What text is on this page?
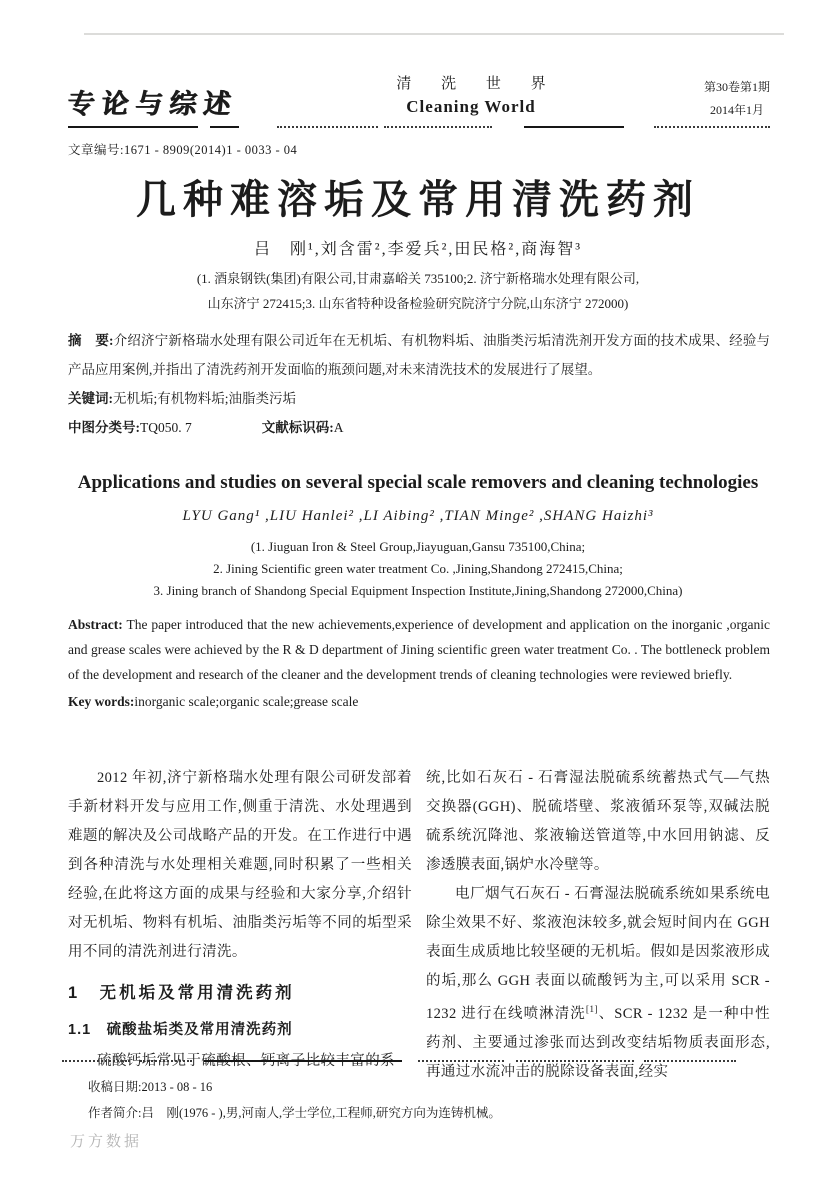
专论与综述
清 洗 世 界
Cleaning World
第30卷第1期
2014年1月
文章编号:1671 - 8909(2014)1 - 0033 - 04
几种难溶垢及常用清洗药剂
吕　刚¹,刘含雷²,李爱兵²,田民格²,商海智³
(1. 酒泉钢铁(集团)有限公司,甘肃嘉峪关 735100;2. 济宁新格瑞水处理有限公司,
山东济宁 272415;3. 山东省特种设备检验研究院济宁分院,山东济宁 272000)
摘　要:介绍济宁新格瑞水处理有限公司近年在无机垢、有机物料垢、油脂类污垢清洗剂开发方面的技术成果、经验与产品应用案例,并指出了清洗药剂开发面临的瓶颈问题,对未来清洗技术的发展进行了展望。
关键词:无机垢;有机物料垢;油脂类污垢
中图分类号:TQ050. 7	文献标识码:A
Applications and studies on several special scale removers and cleaning technologies
LYU Gang¹ ,LIU Hanlei² ,LI Aibing² ,TIAN Minge² ,SHANG Haizhi³
(1. Jiuguan Iron & Steel Group,Jiayuguan,Gansu 735100,China;
2. Jining Scientific green water treatment Co. ,Jining,Shandong 272415,China;
3. Jining branch of Shandong Special Equipment Inspection Institute,Jining,Shandong 272000,China)
Abstract: The paper introduced that the new achievements,experience of development and application on the inorganic ,organic and grease scales were achieved by the R & D department of Jining scientific green water treatment Co. . The bottleneck problem of the development and research of the cleaner and the development trends of cleaning technologies were reviewed briefly.
Key words:inorganic scale;organic scale;grease scale
2012 年初,济宁新格瑞水处理有限公司研发部着手新材料开发与应用工作,侧重于清洗、水处理遇到难题的解决及公司战略产品的开发。在工作进行中遇到各种清洗与水处理相关难题,同时积累了一些相关经验,在此将这方面的成果与经验和大家分享,介绍针对无机垢、物料有机垢、油脂类污垢等不同的垢型采用不同的清洗剂进行清洗。
1　无机垢及常用清洗药剂
1.1　硫酸盐垢类及常用清洗药剂
硫酸钙垢常见于硫酸根、钙离子比较丰富的系
统,比如石灰石 - 石膏湿法脱硫系统蓄热式气—气热交换器(GGH)、脱硫塔壁、浆液循环泵等,双碱法脱硫系统沉降池、浆液输送管道等,中水回用钠滤、反渗透膜表面,锅炉水冷壁等。
电厂烟气石灰石 - 石膏湿法脱硫系统如果系统电除尘效果不好、浆液泡沫较多,就会短时间内在 GGH 表面生成质地比较坚硬的无机垢。假如是因浆液形成的垢,那么 GGH 表面以硫酸钙为主,可以采用 SCR - 1232 进行在线喷淋清洗[1]、SCR - 1232 是一种中性药剂、主要通过渗张而达到改变结垢物质表面形态,再通过水流冲击的脱除设备表面,经实
收稿日期:2013 - 08 - 16
作者简介:吕　刚(1976 - ),男,河南人,学士学位,工程师,研究方向为连铸机械。
万方数据
